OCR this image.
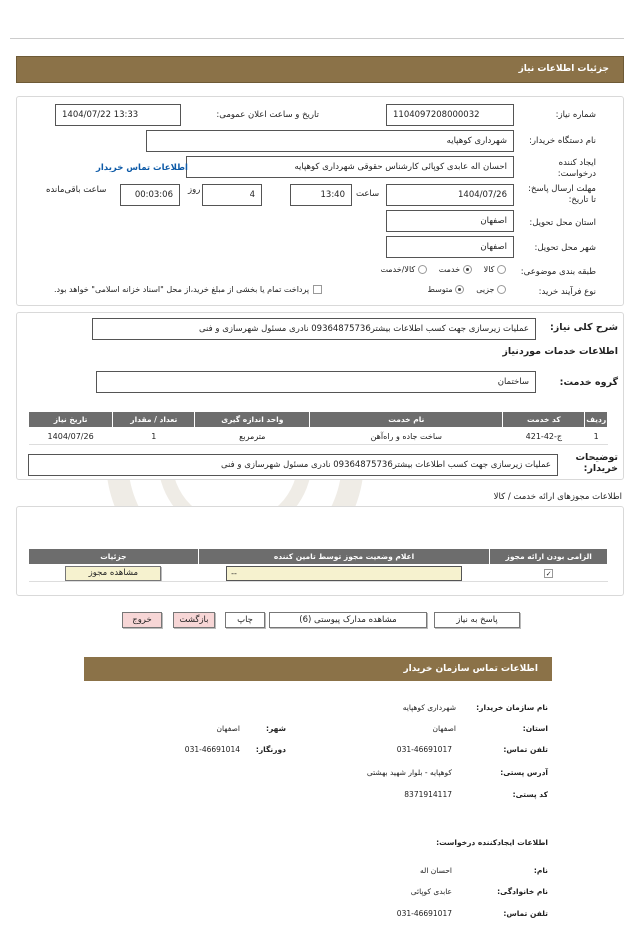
جزئیات اطلاعات نیاز
شماره نیاز:
1104097208000032
تاریخ و ساعت اعلان عمومی:
1404/07/22 13:33
نام دستگاه خریدار:
شهرداری کوهپایه
ایجاد کننده درخواست:
احسان اله عابدی کوپائی کارشناس حقوقی شهرداری کوهپایه
اطلاعات تماس خریدار
مهلت ارسال پاسخ: تا تاریخ:
1404/07/26
ساعت
13:40
4
روز
00:03:06
ساعت باقی‌مانده
استان محل تحویل:
اصفهان
شهر محل تحویل:
اصفهان
طبقه بندی موضوعی:
کالا
خدمت
کالا/خدمت
نوع فرآیند خرید:
جزیی
متوسط
پرداخت تمام یا بخشی از مبلغ خرید،از محل "اسناد خزانه اسلامی" خواهد بود.
شرح کلی نیاز:
عملیات زیرسازی جهت کسب اطلاعات بیشتر09364875736 نادری مسئول شهرسازی و فنی
اطلاعات خدمات موردنیاز
گروه خدمت:
ساختمان
ردیف	کد خدمت	نام خدمت	واحد اندازه گیری	تعداد / مقدار	تاریخ نیاز
1	ج-42-421	ساخت جاده و راه‌آهن	مترمربع	1	1404/07/26
توضیحات خریدار:
عملیات زیرسازی جهت کسب اطلاعات بیشتر09364875736 نادری مسئول شهرسازی و فنی
اطلاعات مجوزهای ارائه خدمت / کالا
الزامی بودن ارائه مجوز	اعلام وضعیت مجوز توسط تامین کننده	جزئیات
✓	--	مشاهده مجوز
پاسخ به نیاز
مشاهده مدارک پیوستی (6)
چاپ
بازگشت
خروج
اطلاعات تماس سازمان خریدار
نام سازمان خریدار:
شهرداری کوهپایه
استان:
اصفهان
شهر:
اصفهان
تلفن تماس:
031-46691017
دورنگار:
031-46691014
آدرس پستی:
کوهپایه - بلوار شهید بهشتی
کد پستی:
8371914117
اطلاعات ایجادکننده درخواست:
نام:
احسان اله
نام خانوادگی:
عابدی کوپائی
تلفن تماس:
031-46691017
